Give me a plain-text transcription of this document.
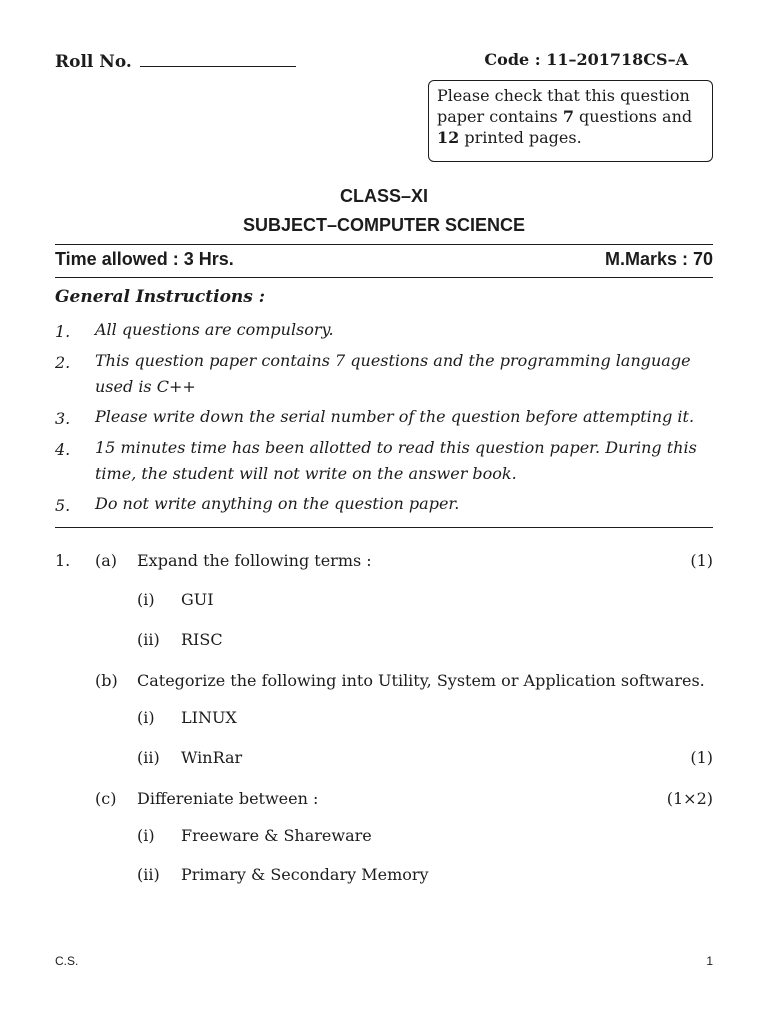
Roll No.	Code : 11–201718CS–A
Please check that this question paper contains 7 questions and 12 printed pages.
CLASS–XI
SUBJECT–COMPUTER SCIENCE
Time allowed : 3 Hrs.	M.Marks : 70
General Instructions :
1. All questions are compulsory.
2. This question paper contains 7 questions and the programming language used is C++
3. Please write down the serial number of the question before attempting it.
4. 15 minutes time has been allotted to read this question paper. During this time, the student will not write on the answer book.
5. Do not write anything on the question paper.
1. (a) Expand the following terms :	(1)
(i) GUI
(ii) RISC
(b) Categorize the following into Utility, System or Application softwares.
(i) LINUX
(ii) WinRar	(1)
(c) Differeniate between :	(1×2)
(i) Freeware & Shareware
(ii) Primary & Secondary Memory
C.S.	1
